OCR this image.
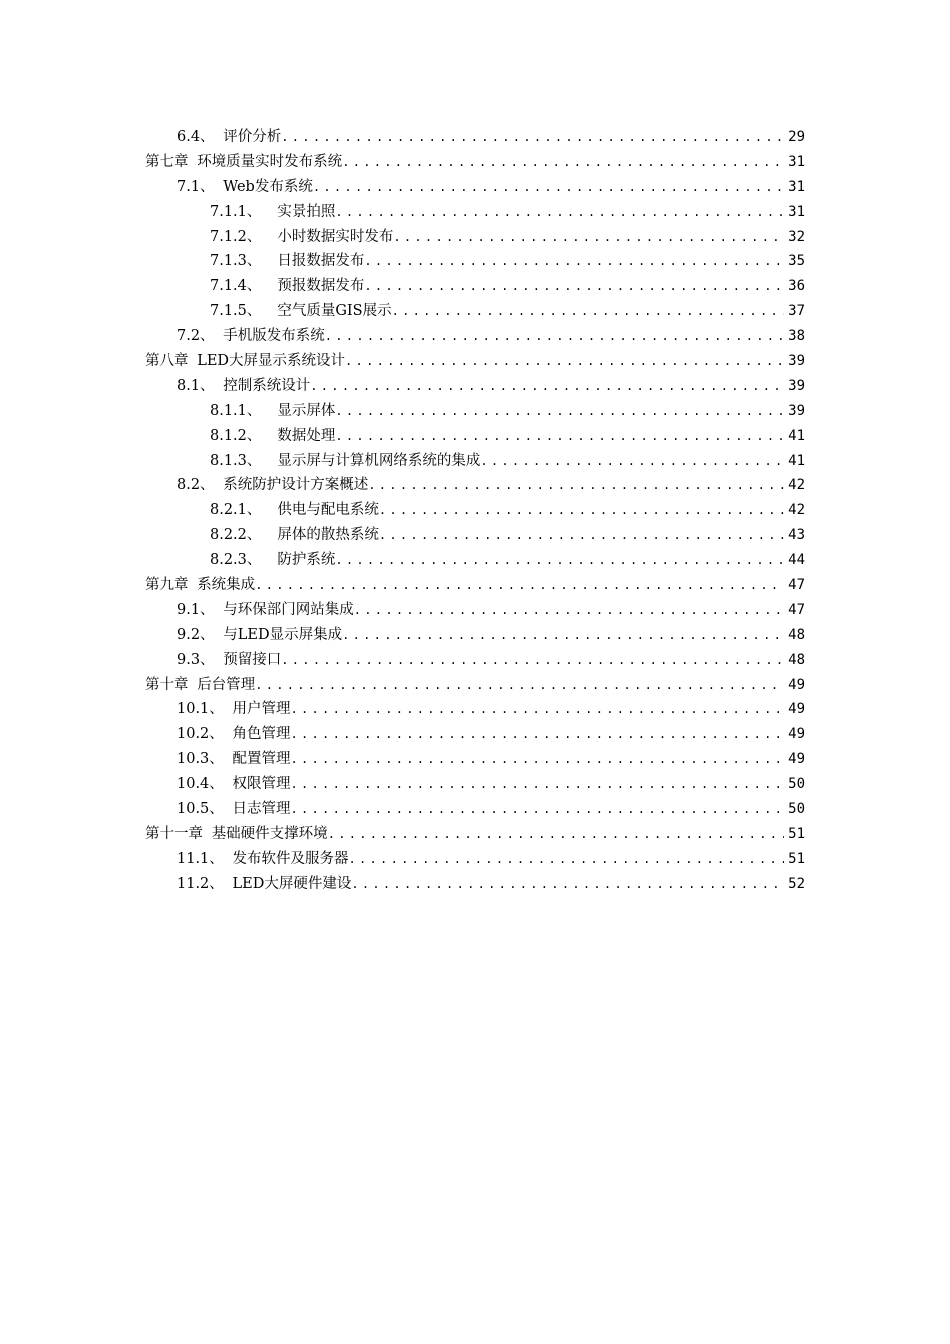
6.4、 评价分析 .....	29
第七章 环境质量实时发布系统 .....	31
7.1、 Web发布系统 .....	31
7.1.1、 实景拍照 .....	31
7.1.2、 小时数据实时发布 .....	32
7.1.3、 日报数据发布 .....	35
7.1.4、 预报数据发布 .....	36
7.1.5、 空气质量GIS展示 .....	37
7.2、 手机版发布系统 .....	38
第八章 LED大屏显示系统设计 .....	39
8.1、 控制系统设计 .....	39
8.1.1、 显示屏体 .....	39
8.1.2、 数据处理 .....	41
8.1.3、 显示屏与计算机网络系统的集成 .....	41
8.2、 系统防护设计方案概述 .....	42
8.2.1、 供电与配电系统 .....	42
8.2.2、 屏体的散热系统 .....	43
8.2.3、 防护系统 .....	44
第九章 系统集成 .....	47
9.1、 与环保部门网站集成 .....	47
9.2、 与LED显示屏集成 .....	48
9.3、 预留接口 .....	48
第十章 后台管理 .....	49
10.1、 用户管理 .....	49
10.2、 角色管理 .....	49
10.3、 配置管理 .....	49
10.4、 权限管理 .....	50
10.5、 日志管理 .....	50
第十一章 基础硬件支撑环境 .....	51
11.1、 发布软件及服务器 .....	51
11.2、 LED大屏硬件建设 .....	52
